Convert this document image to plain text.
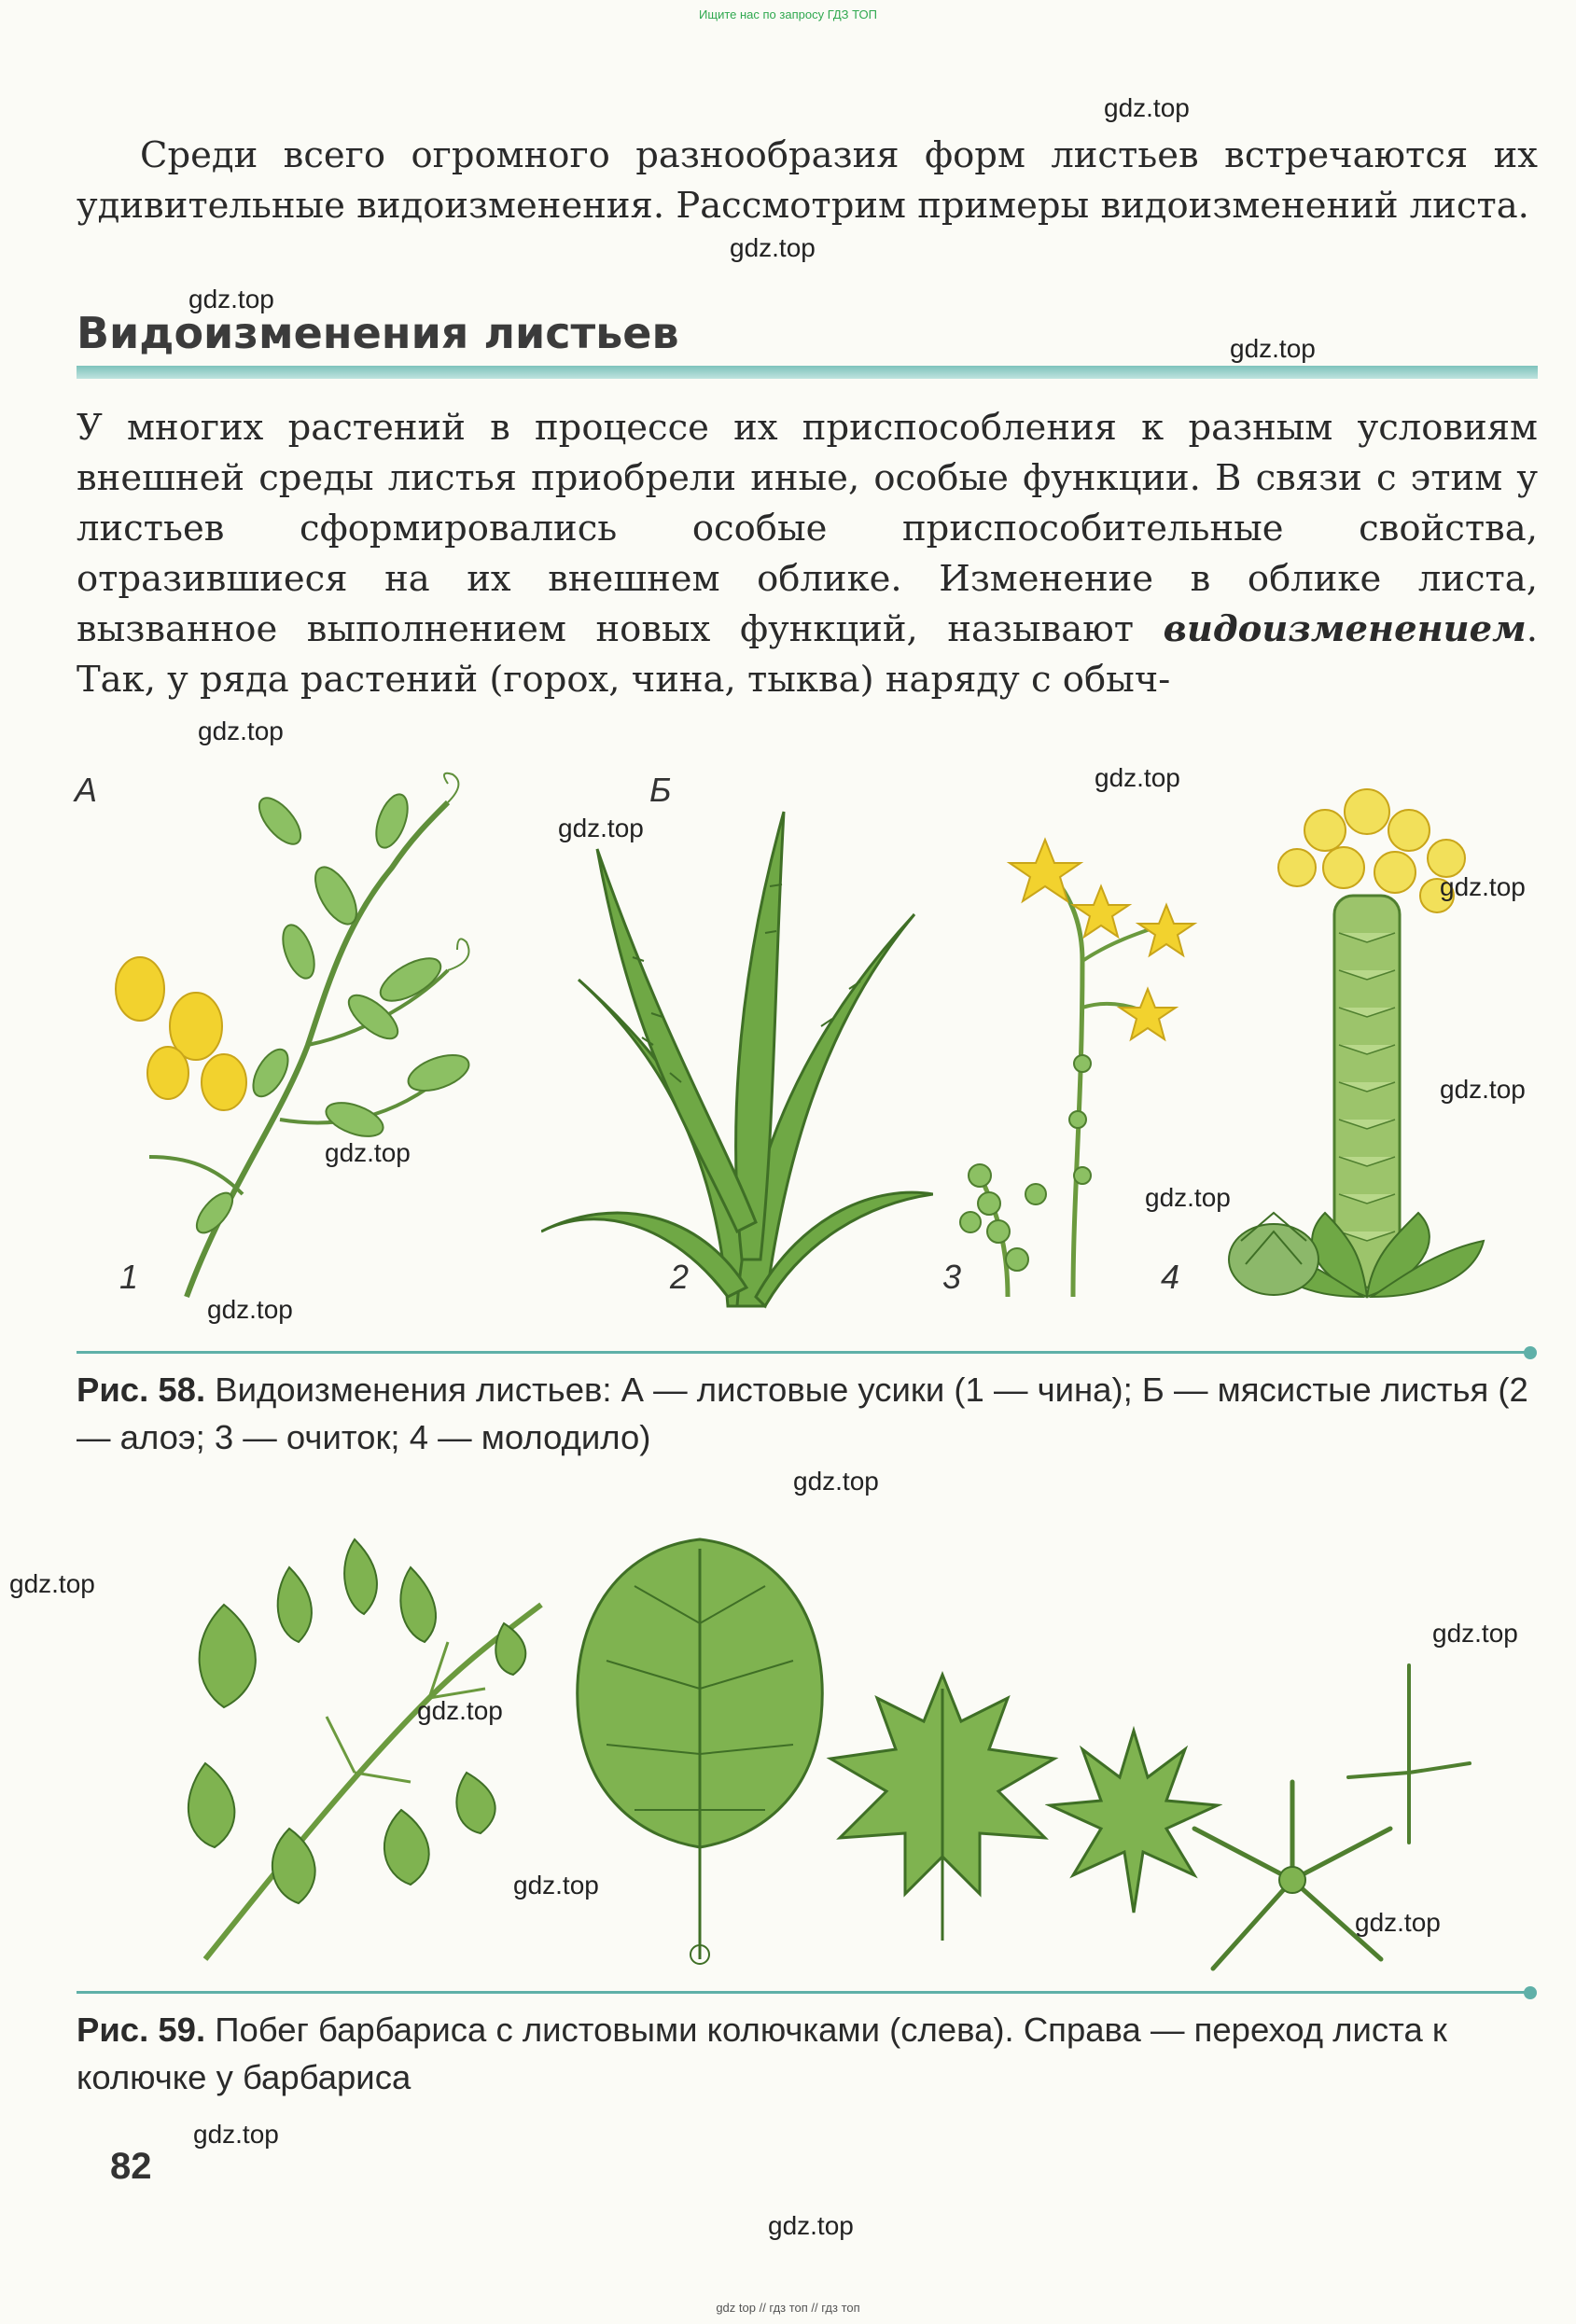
Ищите нас по запросу ГДЗ ТОП

Среди всего огромного разнообразия форм листьев встречаются их удивительные видоизменения. Рассмотрим примеры видоизменений листа.

Видоизменения листьев

У многих растений в процессе их приспособления к разным условиям внешней среды листья приобрели иные, особые функции. В связи с этим у листьев сформировались особые приспособительные свойства, отразившиеся на их внешнем облике. Изменение в облике листа, вызванное выполнением новых функций, называют видоизменением. Так, у ряда растений (горох, чина, тыква) наряду с обыч-

А	Б
1	2	3	4
Рис. 58. Видоизменения листьев: А — листовые усики (1 — чина); Б — мясистые листья (2 — алоэ; 3 — очиток; 4 — молодило)
Рис. 59. Побег барбариса с листовыми колючками (слева). Справа — переход листа к колючке у барбариса
82
gdz.top
gdz.top
gdz.top
gdz.top
gdz.top
gdz.top
gdz.top
gdz.top
gdz.top
gdz.top
gdz.top
gdz.top
gdz.top
gdz.top
gdz.top
gdz.top
gdz.top
gdz.top
gdz.top
gdz.top
gdz top // гдз топ // гдз топ
